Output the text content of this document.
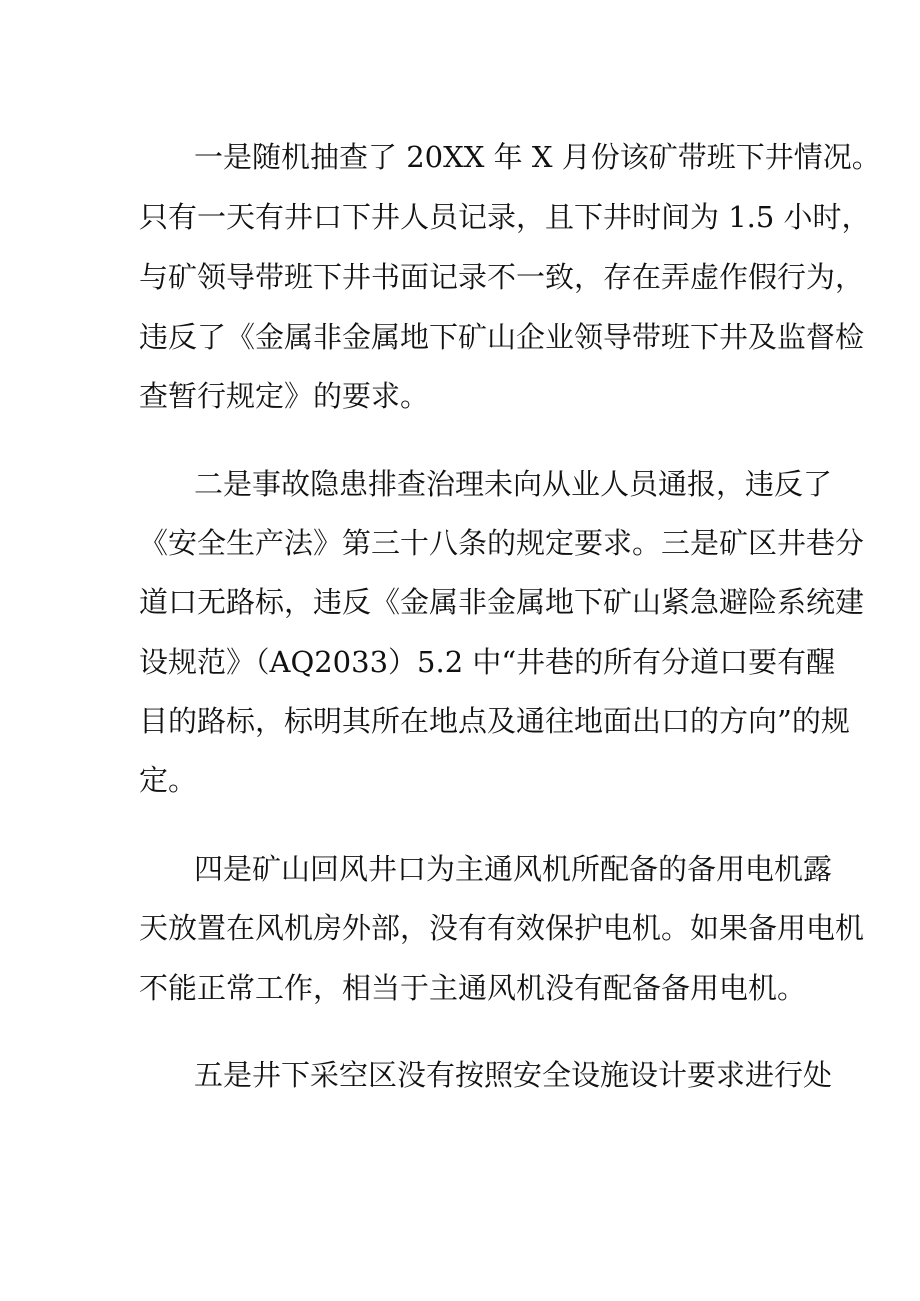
一是随机抽查了 20XX 年 X 月份该矿带班下井情况。
只有一天有井口下井人员记录，且下井时间为 1.5 小时，
与矿领导带班下井书面记录不一致，存在弄虚作假行为，
违反了《金属非金属地下矿山企业领导带班下井及监督检
查暂行规定》的要求。
二是事故隐患排查治理未向从业人员通报，违反了
《安全生产法》第三十八条的规定要求。三是矿区井巷分
道口无路标，违反《金属非金属地下矿山紧急避险系统建
设规范》（AQ2033）5.2 中“井巷的所有分道口要有醒
目的路标，标明其所在地点及通往地面出口的方向”的规
定。
四是矿山回风井口为主通风机所配备的备用电机露
天放置在风机房外部，没有有效保护电机。如果备用电机
不能正常工作，相当于主通风机没有配备备用电机。
五是井下采空区没有按照安全设施设计要求进行处
